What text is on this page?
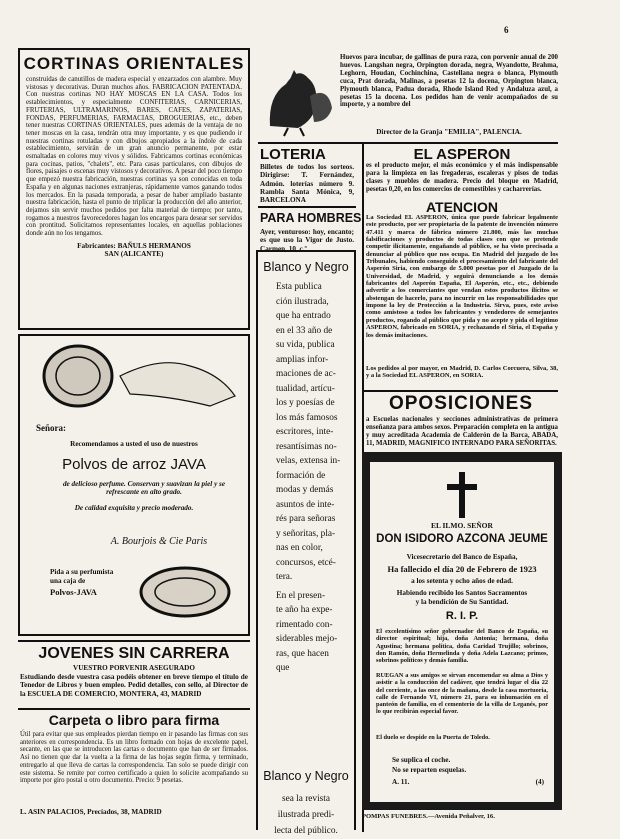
6
CORTINAS ORIENTALES
construídas de canutillos de madera especial y enzarzados con alambre. Muy vistosas y decorativas. Duran muchos años. FABRICACION PATENTADA. Con nuestras cortinas NO HAY MOSCAS EN LA CASA. Todos los establecimientos, y especialmente CONFITERIAS, CARNICERIAS, FRUTERIAS, ULTRAMARINOS, BARES, CAFES, ZAPATERIAS, FONDAS, PERFUMERIAS, FARMACIAS, DROGUERIAS, etc., deben tener nuestras CORTINAS ORIENTALES, pues además de la ventaja de no tener moscas en la casa, tendrán otra muy importante, y es que pudiendo ir nuestras cortinas rotuladas y con dibujos apropiados a la índole de cada establecimiento, servirán de un gran anuncio permanente, por estar esmaltadas en colores muy vivos y sólidos. Fabricamos cortinas económicas para cocinas, patios, "chalets", etc. Para casas particulares, con dibujos de flores, paisajes o escenas muy vistosos y decorativos. A pesar del poco tiempo que empezó nuestra fabricación, nuestras cortinas ya son conocidas en toda España y en algunas naciones extranjeras, rápidamente vamos ganando todos los mercados. En la pasada temporada, a pesar de haber ampliado bastante nuestra fabricación, hasta el punto de triplicar la producción del año anterior, dejamos sin servir muchos pedidos por falta material de tiempo; por tanto, rogamos a nuestros favorecedores hagan los encargos para desear ser servidos con prontitud. Solicitamos representantes locales, en aquellas poblaciones donde aún no los tengamos.
Fabricantes: BAÑULS HERMANOS
SAN (ALICANTE)
Señora:
Recomendamos a usted el uso de nuestros
Polvos de arroz JAVA
de delicioso perfume. Conservan y suavizan la piel y se refrescante en alto grado.
De calidad exquisita y precio moderado.
A. Bourjois & Cie Paris
Pida a su perfumista
una caja de
Polvos-JAVA
JOVENES SIN CARRERA
VUESTRO PORVENIR ASEGURADO
Estudiando desde vuestra casa podéis obtener en breve tiempo el título de Tenedor de Libros y buen empleo. Pedid detalles, con sello, al Director de la ESCUELA DE COMERCIO, MONTERA, 43, MADRID
Carpeta o libro para firma
Útil para evitar que sus empleados pierdan tiempo en ir pasando las firmas con sus anteriores en correspondencia. Es un libro formado con hojas de excelente papel, secante, en las que se introducen las cartas o documento que han de ser firmados. Así no tienen que dar la vuelta a la firma de las hojas según firma, y terminado, entregarlo al que lleva de cartas la correspondencia. Tan solo se puede dirigir con este sistema. Se remite por correo certificado a quien lo solicite acompañando su importe por giro postal u otro documento. Precio: 9 pesetas.
L. ASIN PALACIOS, Precíados, 38, MADRID
LOTERIA
Billetes de todos los sorteos. Dirigirse: T. Fernández, Admón. loterías número 9. Rambla Santa Mónica, 9, BARCELONA
PARA HOMBRES
Ayer, venturoso: hoy, encanto; es que uso la Vigor de Justo. Carmen, 10, c.º
Blanco y Negro

Esta publica

ción ilustrada,

que ha entrado

en el 33 año de

su vida, publica

amplias infor-

maciones de ac-

tualidad, artícu-

los y poesías de

los más famosos

escritores, inte-

resantísimas no-

velas, extensa in-

formación de

modas y demás

asuntos de inte-

rés para señoras

y señoritas, pla-

nas en color,

concursos, etcé-

tera.

En el presen-

te año ha expe-

rimentado con-

siderables mejo-

ras, que hacen

que

Blanco y Negro
sea la revista
ilustrada predi-
lecta del público.
Huevos para incubar, de gallinas de pura raza, con porvenir anual de 200 huevos. Langshan negra, Orpington dorada, negra, Wyandotte, Brahma, Leghorn, Houdan, Cochinchina, Castellana negra o blanca, Plymouth cuca, Prat dorada, Malinas, a pesetas 12 la docena, Orpington blanca, Plymouth blanca, Padua dorada, Rhode Island Red y Andaluza azul, a pesetas 15 la docena. Los pedidos han de venir acompañados de su importe, y a nombre del
Director de la Granja "EMILIA", PALENCIA.
EL ASPERON
es el producto mejor, el más económico y el más indispensable para la limpieza en las fregaderas, escaleras y pisos de todas clases y muebles de madera. Precio del bloque en Madrid, pesetas 0,20, en los comercios de comestibles y cacharrerías.
ATENCION
La Sociedad EL ASPERON, única que puede fabricar legalmente este producto, por ser propietaria de la patente de invención número 47.411 y marca de fábrica número 21.800, más las muchas falsificaciones y productos de todas clases con que se pretende competir ilícitamente, engañando al público, se ha visto precisada a denunciar al público que nos ocupa. En Madrid del juzgado de los Tribunales, habiendo conseguido el procesamiento del fabricante del Asperón Siria, con embargo de 5.000 pesetas por el Juzgado de la Universidad, de Madrid, y seguirá denunciando a los demás fabricantes del Asperón España, El Asperón, etc., etc., debiendo advertir a los comerciantes que vendan estos productos ilícitos se abstengan de hacerlo, para no incurrir en las responsabilidades que impone la ley de Protección a la Industria. Sirva, pues, este aviso como amistoso a todos los fabricantes y vendedores de semejantes productos, rogando al público que pida y no acepte y pida el legítimo ASPERON, fabricado en SORIA, y rechazando el Siria, el España y los demás imitaciones.
Los pedidos al por mayor, en Madrid, D. Carlos Corcuera, Silva, 38, y a la Sociedad EL ASPERON, en SORIA.
OPOSICIONES
a Escuelas nacionales y secciones administrativas de primera enseñanza para ambos sexos. Preparación completa en la antigua y muy acreditada Academia de Calderón de la Barca, ABADA, 11, MADRID, MAGNIFICO INTERNADO PARA SEÑORITAS.
EL ILMO. SEÑOR
DON ISIDORO AZCONA JEUME
Vicesecretario del Banco de España,
Ha fallecido el día 20 de Febrero de 1923
a los setenta y ocho años de edad.
Habiendo recibido los Santos Sacramentos
y la bendición de Su Santidad.
R. I. P.
El excelentísimo señor gobernador del Banco de España, su director espiritual; hija, doña Antonia; hermana, doña Agustina; hermana política, doña Caridad Trujillo; sobrinos, don Ramón, doña Hermelinda y doña Adela Lazcano; primos, sobrinos políticos y demás familia.
RUEGAN a sus amigos se sirvan encomendar su alma a Dios y asistir a la conducción del cadáver, que tendrá lugar el día 22 del corriente, a las once de la mañana, desde la casa mortuoria, calle de Fernando VI, número 21, para su inhumación en el panteón de familia, en el cementerio de la villa de Leganés, por lo que recibirán especial favor.
El duelo se despide en la Puerta de Toledo.
Se suplica el coche.
No se reparten esquelas.
A. 11.	(4)
POMPAS FUNEBRES.—Avenida Peñalver, 16.
